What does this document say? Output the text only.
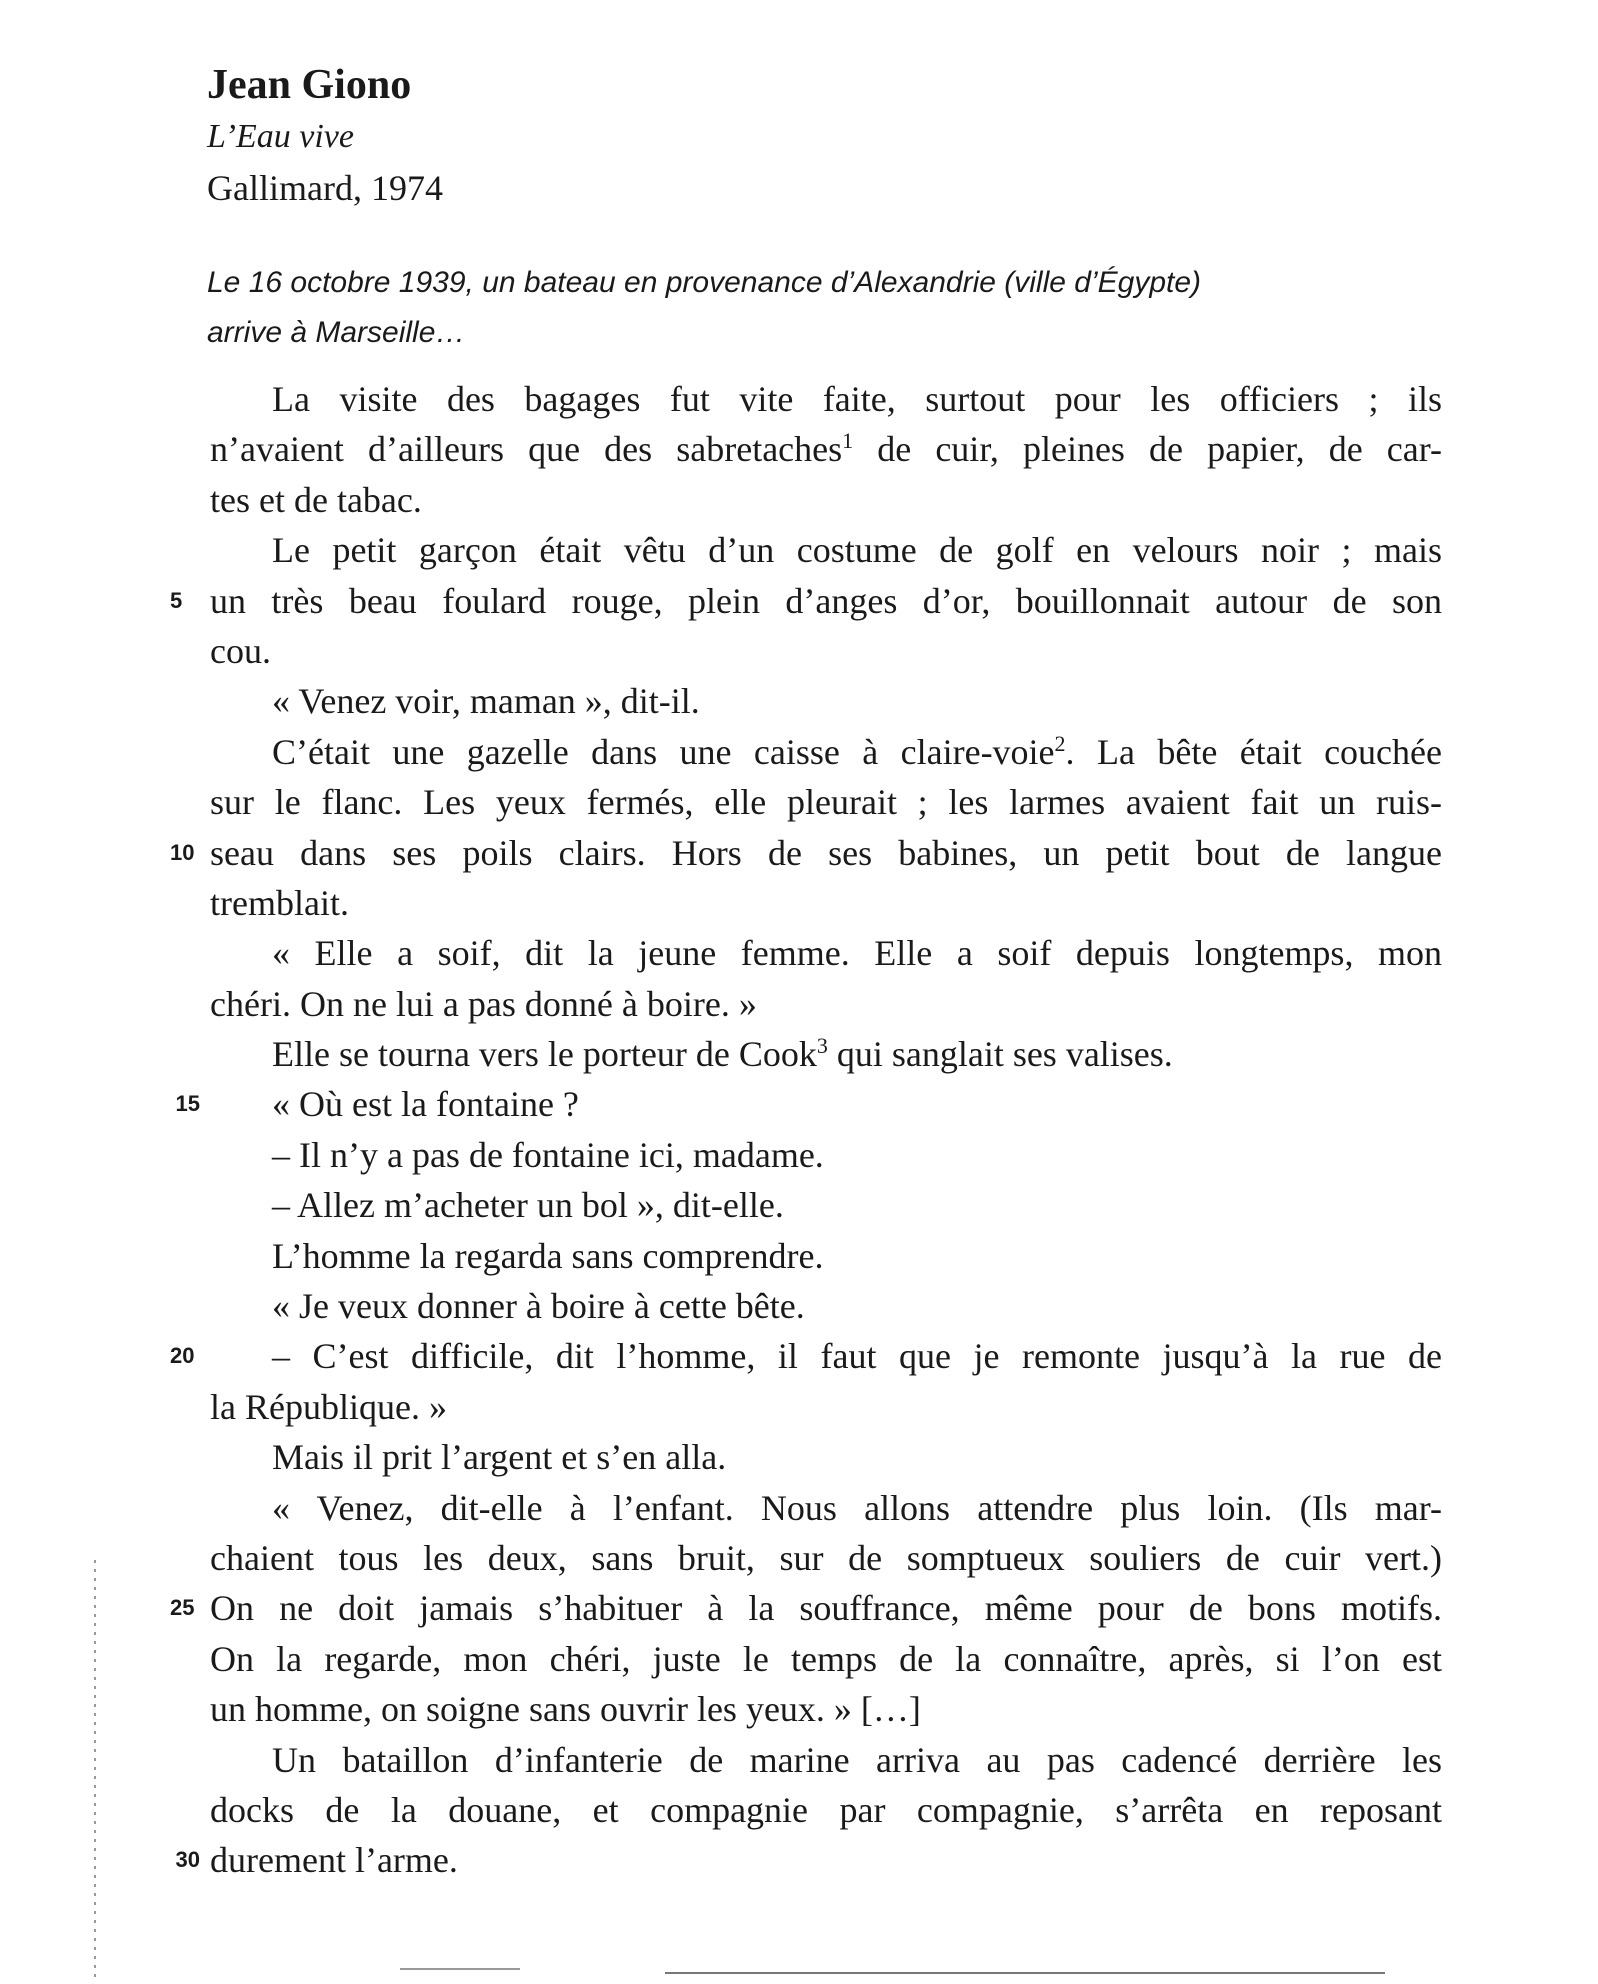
Jean Giono
L’Eau vive
Gallimard, 1974
Le 16 octobre 1939, un bateau en provenance d’Alexandrie (ville d’Égypte)
arrive à Marseille…
La visite des bagages fut vite faite, surtout pour les officiers ; ils
n’avaient d’ailleurs que des sabretaches$^1$ de cuir, pleines de papier, de car-
tes et de tabac.
Le petit garçon était vêtu d’un costume de golf en velours noir ; mais
5 un très beau foulard rouge, plein d’anges d’or, bouillonnait autour de son
cou.
« Venez voir, maman », dit-il.
C’était une gazelle dans une caisse à claire-voie$^2$. La bête était couchée
sur le flanc. Les yeux fermés, elle pleurait ; les larmes avaient fait un ruis-
10 seau dans ses poils clairs. Hors de ses babines, un petit bout de langue
tremblait.
« Elle a soif, dit la jeune femme. Elle a soif depuis longtemps, mon
chéri. On ne lui a pas donné à boire. »
Elle se tourna vers le porteur de Cook$^3$ qui sanglait ses valises.
15 « Où est la fontaine ?
– Il n’y a pas de fontaine ici, madame.
– Allez m’acheter un bol », dit-elle.
L’homme la regarda sans comprendre.
« Je veux donner à boire à cette bête.
20 – C’est difficile, dit l’homme, il faut que je remonte jusqu’à la rue de
la République. »
Mais il prit l’argent et s’en alla.
« Venez, dit-elle à l’enfant. Nous allons attendre plus loin. (Ils mar-
chaient tous les deux, sans bruit, sur de somptueux souliers de cuir vert.)
25 On ne doit jamais s’habituer à la souffrance, même pour de bons motifs.
On la regarde, mon chéri, juste le temps de la connaître, après, si l’on est
un homme, on soigne sans ouvrir les yeux. » […]
Un bataillon d’infanterie de marine arriva au pas cadencé derrière les
docks de la douane, et compagnie par compagnie, s’arrêta en reposant
30 durement l’arme.
